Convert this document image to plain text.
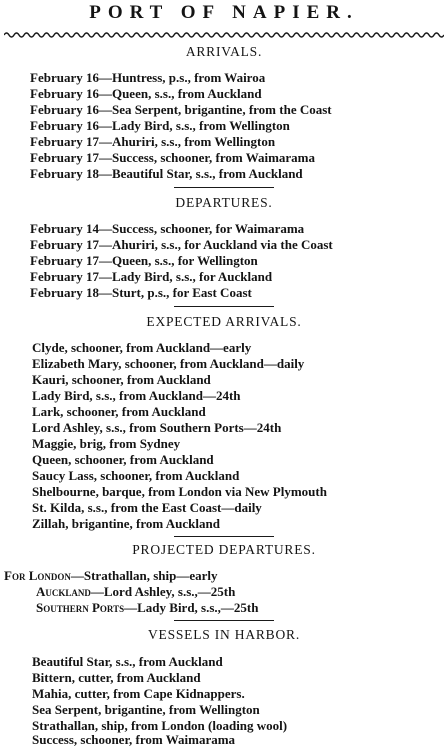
PORT OF NAPIER.
ARRIVALS.
February 16—Huntress, p.s., from Wairoa
February 16—Queen, s.s., from Auckland
February 16—Sea Serpent, brigantine, from the Coast
February 16—Lady Bird, s.s., from Wellington
February 17—Ahuriri, s.s., from Wellington
February 17—Success, schooner, from Waimarama
February 18—Beautiful Star, s.s., from Auckland
DEPARTURES.
February 14—Success, schooner, for Waimarama
February 17—Ahuriri, s.s., for Auckland via the Coast
February 17—Queen, s.s., for Wellington
February 17—Lady Bird, s.s., for Auckland
February 18—Sturt, p.s., for East Coast
EXPECTED ARRIVALS.
Clyde, schooner, from Auckland—early
Elizabeth Mary, schooner, from Auckland—daily
Kauri, schooner, from Auckland
Lady Bird, s.s., from Auckland—24th
Lark, schooner, from Auckland
Lord Ashley, s.s., from Southern Ports—24th
Maggie, brig, from Sydney
Queen, schooner, from Auckland
Saucy Lass, schooner, from Auckland
Shelbourne, barque, from London via New Plymouth
St. Kilda, s.s., from the East Coast—daily
Zillah, brigantine, from Auckland
PROJECTED DEPARTURES.
For London—Strathallan, ship—early
Auckland—Lord Ashley, s.s.,—25th
Southern Ports—Lady Bird, s.s.,—25th
VESSELS IN HARBOR.
Beautiful Star, s.s., from Auckland
Bittern, cutter, from Auckland
Mahia, cutter, from Cape Kidnappers.
Sea Serpent, brigantine, from Wellington
Strathallan, ship, from London (loading wool)
Success, schooner, from Waimarama
